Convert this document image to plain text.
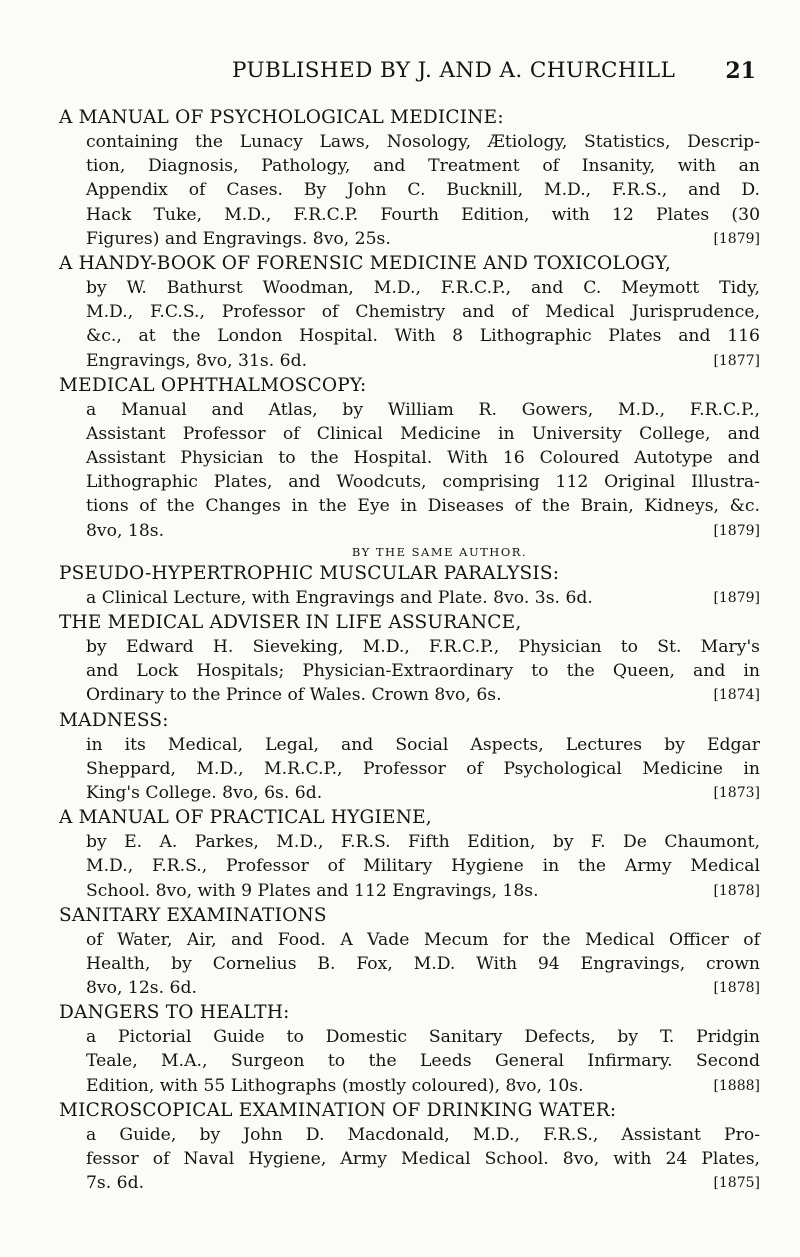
PUBLISHED BY J. AND A. CHURCHILL 21
A MANUAL OF PSYCHOLOGICAL MEDICINE:
containing the Lunacy Laws, Nosology, Ætiology, Statistics, Descrip-
tion, Diagnosis, Pathology, and Treatment of Insanity, with an
Appendix of Cases. By John C. Bucknill, M.D., F.R.S., and D.
Hack Tuke, M.D., F.R.C.P. Fourth Edition, with 12 Plates (30
Figures) and Engravings. 8vo, 25s.	[1879]
A HANDY-BOOK OF FORENSIC MEDICINE AND TOXICOLOGY,
by W. Bathurst Woodman, M.D., F.R.C.P., and C. Meymott Tidy,
M.D., F.C.S., Professor of Chemistry and of Medical Jurisprudence,
&c., at the London Hospital. With 8 Lithographic Plates and 116
Engravings, 8vo, 31s. 6d.	[1877]
MEDICAL OPHTHALMOSCOPY:
a Manual and Atlas, by William R. Gowers, M.D., F.R.C.P.,
Assistant Professor of Clinical Medicine in University College, and
Assistant Physician to the Hospital. With 16 Coloured Autotype and
Lithographic Plates, and Woodcuts, comprising 112 Original Illustra-
tions of the Changes in the Eye in Diseases of the Brain, Kidneys, &c.
8vo, 18s.	[1879]
BY THE SAME AUTHOR.
PSEUDO-HYPERTROPHIC MUSCULAR PARALYSIS:
a Clinical Lecture, with Engravings and Plate. 8vo. 3s. 6d.	[1879]
THE MEDICAL ADVISER IN LIFE ASSURANCE,
by Edward H. Sieveking, M.D., F.R.C.P., Physician to St. Mary's
and Lock Hospitals; Physician-Extraordinary to the Queen, and in
Ordinary to the Prince of Wales. Crown 8vo, 6s.	[1874]
MADNESS:
in its Medical, Legal, and Social Aspects, Lectures by Edgar
Sheppard, M.D., M.R.C.P., Professor of Psychological Medicine in
King's College. 8vo, 6s. 6d.	[1873]
A MANUAL OF PRACTICAL HYGIENE,
by E. A. Parkes, M.D., F.R.S. Fifth Edition, by F. De Chaumont,
M.D., F.R.S., Professor of Military Hygiene in the Army Medical
School. 8vo, with 9 Plates and 112 Engravings, 18s.	[1878]
SANITARY EXAMINATIONS
of Water, Air, and Food. A Vade Mecum for the Medical Officer of
Health, by Cornelius B. Fox, M.D. With 94 Engravings, crown
8vo, 12s. 6d.	[1878]
DANGERS TO HEALTH:
a Pictorial Guide to Domestic Sanitary Defects, by T. Pridgin
Teale, M.A., Surgeon to the Leeds General Infirmary. Second
Edition, with 55 Lithographs (mostly coloured), 8vo, 10s.	[1888]
MICROSCOPICAL EXAMINATION OF DRINKING WATER:
a Guide, by John D. Macdonald, M.D., F.R.S., Assistant Pro-
fessor of Naval Hygiene, Army Medical School. 8vo, with 24 Plates,
7s. 6d.	[1875]
